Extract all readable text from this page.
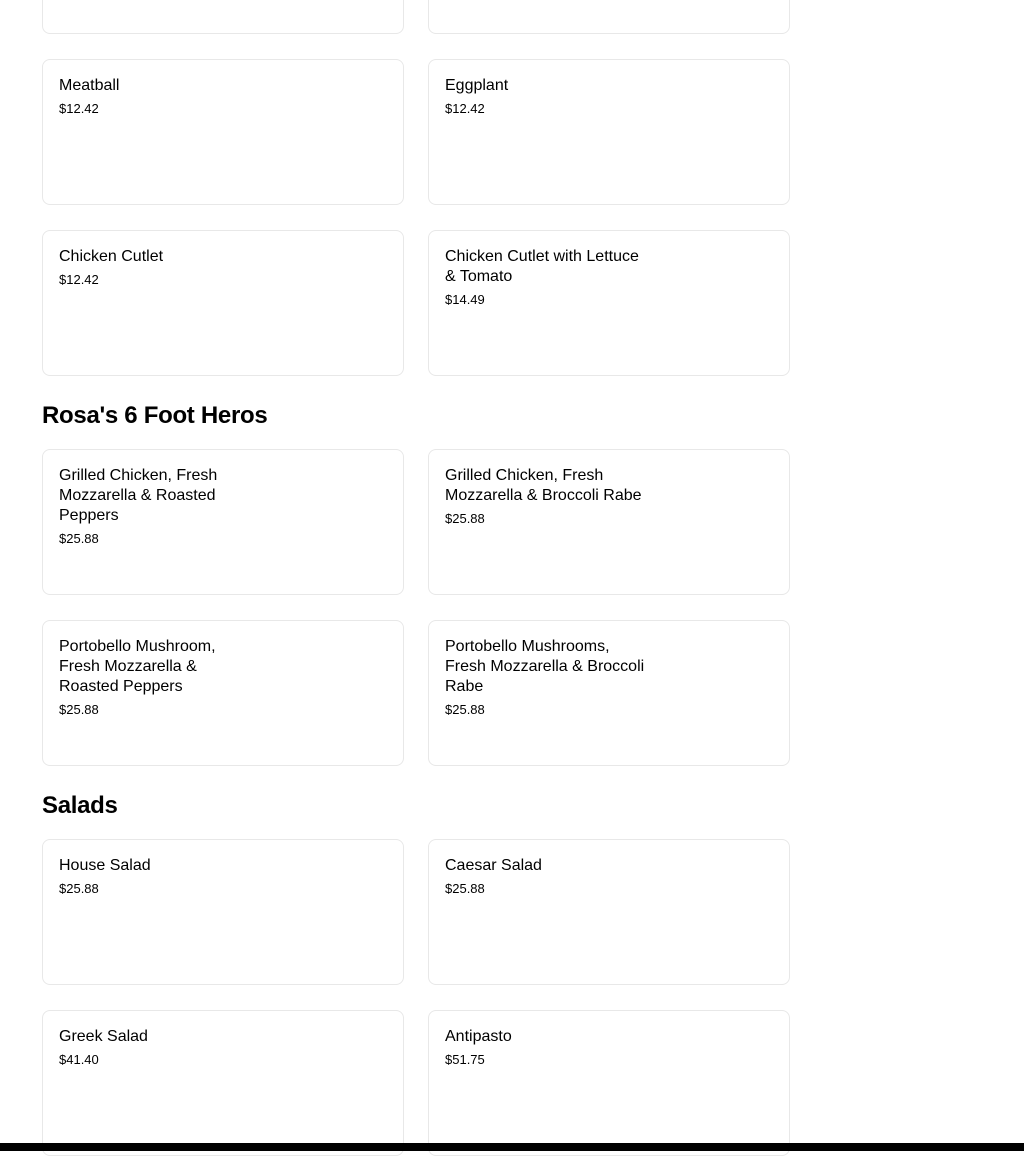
Meatball
$12.42
Eggplant
$12.42
Chicken Cutlet
$12.42
Chicken Cutlet with Lettuce & Tomato
$14.49
Rosa's 6 Foot Heros
Grilled Chicken, Fresh Mozzarella & Roasted Peppers
$25.88
Grilled Chicken, Fresh Mozzarella & Broccoli Rabe
$25.88
Portobello Mushroom, Fresh Mozzarella & Roasted Peppers
$25.88
Portobello Mushrooms, Fresh Mozzarella & Broccoli Rabe
$25.88
Salads
House Salad
$25.88
Caesar Salad
$25.88
Greek Salad
$41.40
Antipasto
$51.75
